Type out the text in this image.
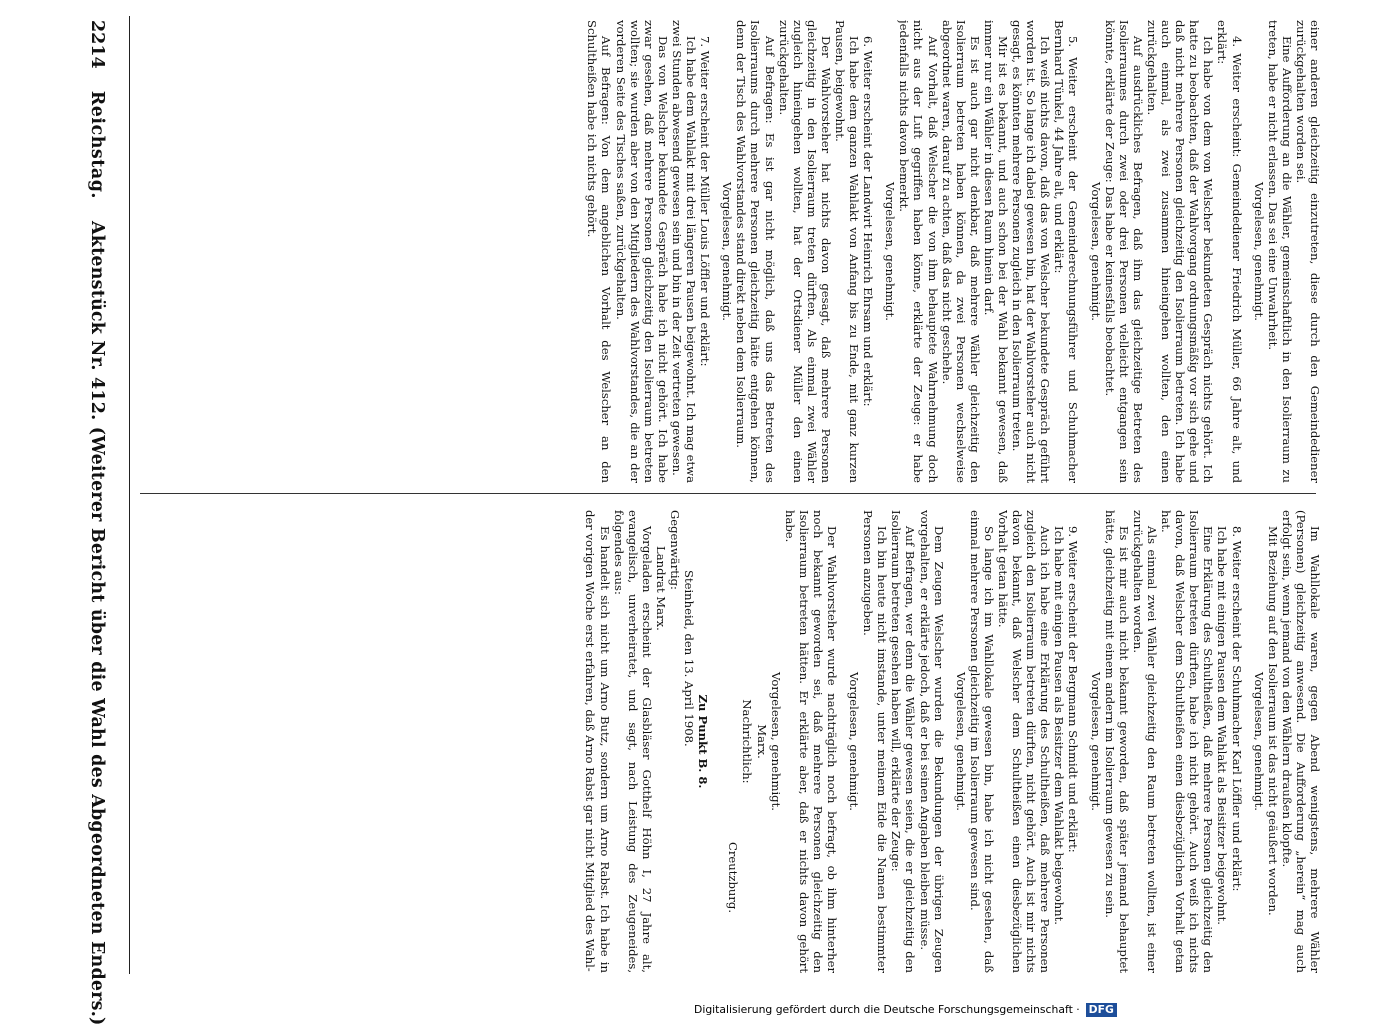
einer anderen gleichzeitig einzutreten, diese durch den Gemeindediener zurückgehalten worden sei.

Eine Aufforderung an die Wähler, gemeinschaftlich in den Isolierraum zu treten, habe er nicht erlassen. Das sei eine Unwahrheit.

Vorgelesen, genehmigt.

4. Weiter erscheint: Gemeindediener Friedrich Müller, 66 Jahre alt, und erklärt:

Ich habe von dem von Welscher bekundeten Gespräch nichts gehört. Ich hatte zu beobachten, daß der Wahlvorgang ordnungsmäßig vor sich gehe und daß nicht mehrere Personen gleichzeitig den Isolierraum betreten. Ich habe auch einmal, als zwei zusammen hineingehen wollten, den einen zurückgehalten.

Auf ausdrückliches Befragen, daß ihm das gleichzeitige Betreten des Isolierraumes durch zwei oder drei Personen vielleicht entgangen sein könnte, erklärte der Zeuge: Das habe er keinesfalls beobachtet.

Vorgelesen, genehmigt.

5. Weiter erscheint der Gemeinderechnungsführer und Schuhmacher Bernhard Tünkel, 44 Jahre alt, und erklärt:

Ich weiß nichts davon, daß das von Welscher bekundete Gespräch geführt worden ist. So lange ich dabei gewesen bin, hat der Wahlvorsteher auch nicht gesagt, es könnten mehrere Personen zugleich in den Isolierraum treten.

Mir ist es bekannt, und auch schon bei der Wahl bekannt gewesen, daß immer nur ein Wähler in diesen Raum hinein darf.

Es ist auch gar nicht denkbar, daß mehrere Wähler gleichzeitig den Isolierraum betreten haben können, da zwei Personen wechselweise abgeordnet waren, darauf zu achten, daß das nicht geschehe.

Auf Vorhalt, daß Welscher die von ihm behauptete Wahrnehmung doch nicht aus der Luft gegriffen haben könne, erklärte der Zeuge: er habe jedenfalls nichts davon bemerkt.

Vorgelesen, genehmigt.

6. Weiter erscheint der Landwirt Heinrich Ehrsam und erklärt:

Ich habe dem ganzen Wahlakt von Anfang bis zu Ende, mit ganz kurzen Pausen, beigewohnt.

Der Wahlvorsteher hat nichts davon gesagt, daß mehrere Personen gleichzeitig in den Isolierraum treten dürften. Als einmal zwei Wähler zugleich hineingehen wollten, hat der Ortsdiener Müller den einen zurückgehalten.

Auf Befragen: Es ist gar nicht möglich, daß uns das Betreten des Isolierraums durch mehrere Personen gleichzeitig hätte entgehen können, denn der Tisch des Wahlvorstandes stand direkt neben dem Isolierraum.

Vorgelesen, genehmigt.

7. Weiter erscheint der Müller Louis Löffler und erklärt:

Ich habe dem Wahlakt mit drei längeren Pausen beigewohnt. Ich mag etwa zwei Stunden abwesend gewesen sein und bin in der Zeit vertreten gewesen.

Das von Welscher bekundete Gespräch habe ich nicht gehört. Ich habe zwar gesehen, daß mehrere Personen gleichzeitig den Isolierraum betreten wollten; sie wurden aber von den Mitgliedern des Wahlvorstandes, die an der vorderen Seite des Tisches saßen, zurückgehalten.

Auf Befragen: Von dem angeblichen Vorhalt des Welscher an den Schultheißen habe ich nichts gehört.

Im Wahllokale waren, gegen Abend wenigstens, mehrere Wähler (Personen) gleichzeitig anwesend. Die Aufforderung „herein“ mag auch erfolgt sein, wenn jemand von den Wählern draußen klopfte.

Mit Beziehung auf den Isolierraum ist das nicht geäußert worden.

Vorgelesen, genehmigt.

8. Weiter erscheint der Schuhmacher Karl Löffler und erklärt:

Ich habe mit einigen Pausen dem Wahlakt als Beisitzer beigewohnt.

Eine Erklärung des Schultheißen, daß mehrere Personen gleichzeitig den Isolierraum betreten dürften, habe ich nicht gehört. Auch weiß ich nichts davon, daß Welscher dem Schultheißen einen diesbezüglichen Vorhalt getan hat.

Als einmal zwei Wähler gleichzeitig den Raum betreten wollten, ist einer zurückgehalten worden.

Es ist mir auch nicht bekannt geworden, daß später jemand behauptet hätte, gleichzeitig mit einem andern im Isolierraum gewesen zu sein.

Vorgelesen, genehmigt.

9. Weiter erscheint der Bergmann Schmidt und erklärt:

Ich habe mit einigen Pausen als Beisitzer dem Wahlakt beigewohnt.

Auch ich habe eine Erklärung des Schultheißen, daß mehrere Personen zugleich den Isolierraum betreten dürften, nicht gehört. Auch ist mir nichts davon bekannt, daß Welscher dem Schultheißen einen diesbezüglichen Vorhalt getan hätte.

So lange ich im Wahllokale gewesen bin, habe ich nicht gesehen, daß einmal mehrere Personen gleichzeitig im Isolierraum gewesen sind.

Vorgelesen, genehmigt.

Dem Zeugen Welscher wurden die Bekundungen der übrigen Zeugen vorgehalten, er erklärte jedoch, daß er bei seinen Angaben bleiben müsse.

Auf Befragen, wer denn die Wähler gewesen seien, die er gleichzeitig den Isolierraum betreten gesehen haben will, erklärte der Zeuge:

Ich bin heute nicht imstande, unter meinem Eide die Namen bestimmter Personen anzugeben.

Vorgelesen, genehmigt.

Der Wahlvorsteher wurde nachträglich noch befragt, ob ihm hinterher noch bekannt geworden sei, daß mehrere Personen gleichzeitig den Isolierraum betreten hätten. Er erklärte aber, daß er nichts davon gehört habe.

Vorgelesen, genehmigt.

Marx.

Nachrichtlich:

Creutzburg.

Zu Punkt B. 8.

Steinheid, den 13. April 1908.

Gegenwärtig:

Landrat Marx.

Vorgeladen erscheint der Glasbläser Gotthelf Höhn I, 27 Jahre alt, evangelisch, unverheiratet, und sagt, nach Leistung des Zeugeneides, folgendes aus:

Es handelt sich nicht um Arno Butz, sondern um Arno Rabst. Ich habe in der vorigen Woche erst erfahren, daß Arno Rabst gar nicht Mitglied des Wahl-

2214
Reichstag.
Aktenstück Nr. 412. (Weiterer Bericht über die Wahl des Abgeordneten Enders.)	Digitalisierung gefördert durch die Deutsche Forschungsgemeinschaft · DFG
